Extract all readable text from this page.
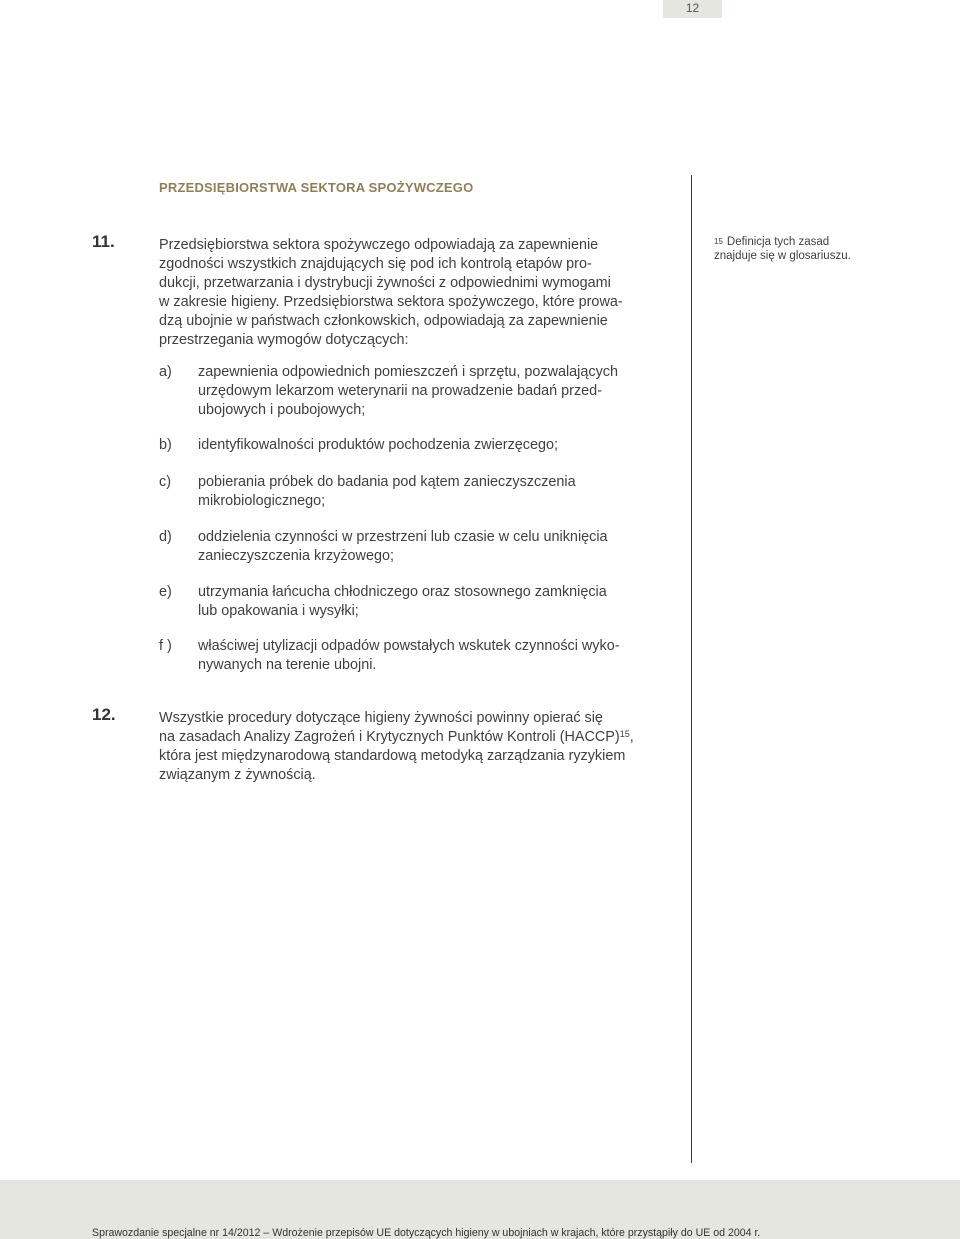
12
PRZEDSIĘBIORSTWA SEKTORA SPOŻYWCZEGO
11.	Przedsiębiorstwa sektora spożywczego odpowiadają za zapewnienie
zgodności wszystkich znajdujących się pod ich kontrolą etapów pro-
dukcji, przetwarzania i dystrybucji żywności z odpowiednimi wymogami
w zakresie higieny. Przedsiębiorstwa sektora spożywczego, które prowa-
dzą ubojnie w państwach członkowskich, odpowiadają za zapewnienie
przestrzegania wymogów dotyczących:
a) zapewnienia odpowiednich pomieszczeń i sprzętu, pozwalających
urzędowym lekarzom weterynarii na prowadzenie badań przed-
ubojowych i poubojowych;
b) identyfikowalności produktów pochodzenia zwierzęcego;
c) pobierania próbek do badania pod kątem zanieczyszczenia
mikrobiologicznego;
d) oddzielenia czynności w przestrzeni lub czasie w celu uniknięcia
zanieczyszczenia krzyżowego;
e) utrzymania łańcucha chłodniczego oraz stosownego zamknięcia
lub opakowania i wysyłki;
f ) właściwej utylizacji odpadów powstałych wskutek czynności wyko-
nywanych na terenie ubojni.
12.	Wszystkie procedury dotyczące higieny żywności powinny opierać się
na zasadach Analizy Zagrożeń i Krytycznych Punktów Kontroli (HACCP)$^{15}$,
która jest międzynarodową standardową metodyką zarządzania ryzykiem
związanym z żywnością.
$^{15}$ Definicja tych zasad
znajduje się w glosariuszu.
Sprawozdanie specjalne nr 14/2012 – Wdrożenie przepisów UE dotyczących higieny w ubojniach w krajach, które przystąpiły do UE od 2004 r.
